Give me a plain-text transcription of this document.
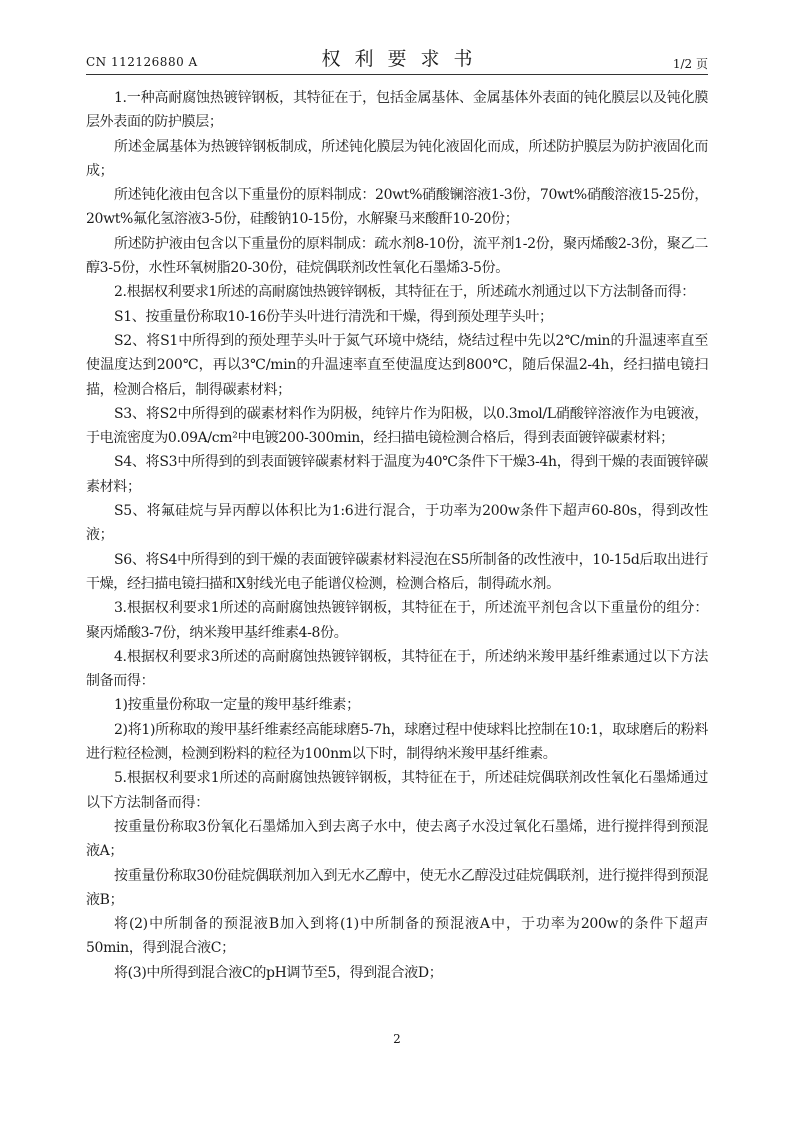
CN 112126880 A	权利要求书	1/2 页

1.一种高耐腐蚀热镀锌钢板，其特征在于，包括金属基体、金属基体外表面的钝化膜层以及钝化膜层外表面的防护膜层；

所述金属基体为热镀锌钢板制成，所述钝化膜层为钝化液固化而成，所述防护膜层为防护液固化而成；

所述钝化液由包含以下重量份的原料制成：20wt%硝酸镧溶液1-3份，70wt%硝酸溶液15-25份，20wt%氟化氢溶液3-5份，硅酸钠10-15份，水解聚马来酸酐10-20份；

所述防护液由包含以下重量份的原料制成：疏水剂8-10份，流平剂1-2份，聚丙烯酸2-3份，聚乙二醇3-5份，水性环氧树脂20-30份，硅烷偶联剂改性氧化石墨烯3-5份。

2.根据权利要求1所述的高耐腐蚀热镀锌钢板，其特征在于，所述疏水剂通过以下方法制备而得：

S1、按重量份称取10-16份芋头叶进行清洗和干燥，得到预处理芋头叶；

S2、将S1中所得到的预处理芋头叶于氮气环境中烧结，烧结过程中先以2℃/min的升温速率直至使温度达到200℃，再以3℃/min的升温速率直至使温度达到800℃，随后保温2-4h，经扫描电镜扫描，检测合格后，制得碳素材料；

S3、将S2中所得到的碳素材料作为阴极，纯锌片作为阳极，以0.3mol/L硝酸锌溶液作为电镀液，于电流密度为0.09A/cm²中电镀200-300min，经扫描电镜检测合格后，得到表面镀锌碳素材料；

S4、将S3中所得到的到表面镀锌碳素材料于温度为40℃条件下干燥3-4h，得到干燥的表面镀锌碳素材料；

S5、将氟硅烷与异丙醇以体积比为1:6进行混合，于功率为200w条件下超声60-80s，得到改性液；

S6、将S4中所得到的到干燥的表面镀锌碳素材料浸泡在S5所制备的改性液中，10-15d后取出进行干燥，经扫描电镜扫描和X射线光电子能谱仪检测，检测合格后，制得疏水剂。

3.根据权利要求1所述的高耐腐蚀热镀锌钢板，其特征在于，所述流平剂包含以下重量份的组分：聚丙烯酸3-7份，纳米羧甲基纤维素4-8份。

4.根据权利要求3所述的高耐腐蚀热镀锌钢板，其特征在于，所述纳米羧甲基纤维素通过以下方法制备而得：

1)按重量份称取一定量的羧甲基纤维素；

2)将1)所称取的羧甲基纤维素经高能球磨5-7h，球磨过程中使球料比控制在10:1，取球磨后的粉料进行粒径检测，检测到粉料的粒径为100nm以下时，制得纳米羧甲基纤维素。

5.根据权利要求1所述的高耐腐蚀热镀锌钢板，其特征在于，所述硅烷偶联剂改性氧化石墨烯通过以下方法制备而得：

按重量份称取3份氧化石墨烯加入到去离子水中，使去离子水没过氧化石墨烯，进行搅拌得到预混液A；

按重量份称取30份硅烷偶联剂加入到无水乙醇中，使无水乙醇没过硅烷偶联剂，进行搅拌得到预混液B；

将(2)中所制备的预混液B加入到将(1)中所制备的预混液A中，于功率为200w的条件下超声50min，得到混合液C；

将(3)中所得到混合液C的pH调节至5，得到混合液D；

2
